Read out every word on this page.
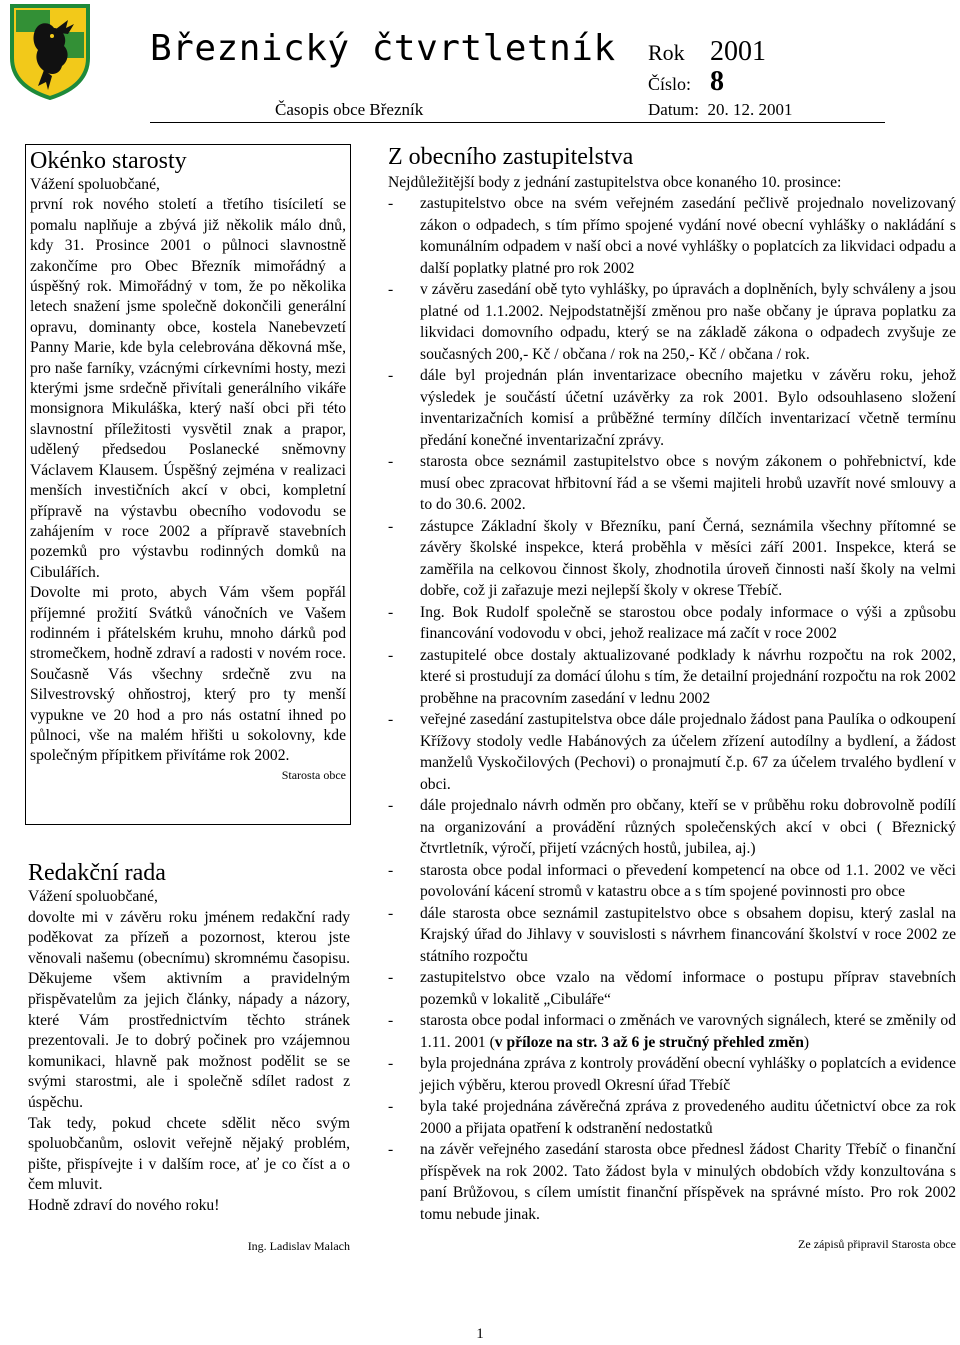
Březnický čtvrtletník Rok 2001
Číslo: 8
Časopis obce Březník	Datum: 20. 12. 2001
Okénko starosty

Vážení spoluobčané,

první rok nového století a třetího tisíciletí se pomalu naplňuje a zbývá již několik málo dnů, kdy 31. Prosince 2001 o půlnoci slavnostně zakončíme pro Obec Březník mimořádný a úspěšný rok. Mimořádný v tom, že po několika letech snažení jsme společně dokončili generální opravu, dominanty obce, kostela Nanebevzetí Panny Marie, kde byla celebrována děkovná mše, pro naše farníky, vzácnými církevními hosty, mezi kterými jsme srdečně přivítali generálního vikáře monsignora Mikuláška, který naší obci při této slavnostní příležitosti vysvětil znak a prapor, udělený předsedou Poslanecké sněmovny Václavem Klausem. Úspěšný zejména v realizaci menších investičních akcí v obci, kompletní přípravě na výstavbu obecního vodovodu se zahájením v roce 2002 a přípravě stavebních pozemků pro výstavbu rodinných domků na Cibulářích.

Dovolte mi proto, abych Vám všem popřál příjemné prožití Svátků vánočních ve Vašem rodinném i přátelském kruhu, mnoho dárků pod stromečkem, hodně zdraví a radosti v novém roce. Současně Vás všechny srdečně zvu na Silvestrovský ohňostroj, který pro ty menší vypukne ve 20 hod a pro nás ostatní ihned po půlnoci, vše na malém hřišti u sokolovny, kde společným přípitkem přivítáme rok 2002.

Starosta obce
Redakční rada

Vážení spoluobčané,

dovolte mi v závěru roku jménem redakční rady poděkovat za přízeň a pozornost, kterou jste věnovali našemu (obecnímu) skromnému časopisu. Děkujeme všem aktivním a pravidelným přispěvatelům za jejich články, nápady a názory, které Vám prostřednictvím těchto stránek prezentovali. Je to dobrý počinek pro vzájemnou komunikaci, hlavně pak možnost podělit se se svými starostmi, ale i společně sdílet radost z úspěchu.

Tak tedy, pokud chcete sdělit něco svým spoluobčanům, oslovit veřejně nějaký problém, pište, přispívejte i v dalším roce, ať je co číst a o čem mluvit.

Hodně zdraví do nového roku!

Ing. Ladislav Malach
Z obecního zastupitelstva

Nejdůležitější body z jednání zastupitelstva obce konaného 10. prosince:

- zastupitelstvo obce na svém veřejném zasedání pečlivě projednalo novelizovaný zákon o odpadech, s tím přímo spojené vydání nové obecní vyhlášky o nakládání s komunálním odpadem v naší obci a nové vyhlášky o poplatcích za likvidaci odpadu a další poplatky platné pro rok 2002
- v závěru zasedání obě tyto vyhlášky, po úpravách a doplněních, byly schváleny a jsou platné od 1.1.2002. Nejpodstatnější změnou pro naše občany je úprava poplatku za likvidaci domovního odpadu, který se na základě zákona o odpadech zvyšuje ze současných 200,- Kč / občana / rok na 250,- Kč / občana / rok.
- dále byl projednán plán inventarizace obecního majetku v závěru roku, jehož výsledek je součástí účetní uzávěrky za rok 2001. Bylo odsouhlaseno složení inventarizačních komisí a průběžné termíny dílčích inventarizací včetně termínu předání konečné inventarizační zprávy.
- starosta obce seznámil zastupitelstvo obce s novým zákonem o pohřebnictví, kde musí obec zpracovat hřbitovní řád a se všemi majiteli hrobů uzavřít nové smlouvy a to do 30.6. 2002.
- zástupce Základní školy v Březníku, paní Černá, seznámila všechny přítomné se závěry školské inspekce, která proběhla v měsíci září 2001. Inspekce, která se zaměřila na celkovou činnost školy, zhodnotila úroveň činnosti naší školy na velmi dobře, což ji zařazuje mezi nejlepší školy v okrese Třebíč.
- Ing. Bok Rudolf společně se starostou obce podaly informace o výši a způsobu financování vodovodu v obci, jehož realizace má začít v roce 2002
- zastupitelé obce dostaly aktualizované podklady k návrhu rozpočtu na rok 2002, které si prostudují za domácí úlohu s tím, že detailní projednání rozpočtu na rok 2002 proběhne na pracovním zasedání v lednu 2002
- veřejné zasedání zastupitelstva obce dále projednalo žádost pana Paulíka o odkoupení Křížovy stodoly vedle Habánových za účelem zřízení autodílny a bydlení, a žádost manželů Vyskočilových (Pechovi) o pronajmutí č.p. 67 za účelem trvalého bydlení v obci.
- dále projednalo návrh odměn pro občany, kteří se v průběhu roku dobrovolně podílí na organizování a provádění různých společenských akcí v obci ( Březnický čtvrtletník, výročí, přijetí vzácných hostů, jubilea, aj.)
- starosta obce podal informaci o převedení kompetencí na obce od 1.1. 2002 ve věci povolování kácení stromů v katastru obce a s tím spojené povinnosti pro obce
- dále starosta obce seznámil zastupitelstvo obce s obsahem dopisu, který zaslal na Krajský úřad do Jihlavy v souvislosti s návrhem financování školství v roce 2002 ze státního rozpočtu
- zastupitelstvo obce vzalo na vědomí informace o postupu příprav stavebních pozemků v lokalitě „Cibuláře“
- starosta obce podal informaci o změnách ve varovných signálech, které se změnily od 1.11. 2001 (v příloze na str. 3 až 6 je stručný přehled změn)
- byla projednána zpráva z kontroly provádění obecní vyhlášky o poplatcích a evidence jejich výběru, kterou provedl Okresní úřad Třebíč
- byla také projednána závěrečná zpráva z provedeného auditu účetnictví obce za rok 2000 a přijata opatření k odstranění nedostatků
- na závěr veřejného zasedání starosta obce přednesl žádost Charity Třebíč o finanční příspěvek na rok 2002. Tato žádost byla v minulých obdobích vždy konzultována s paní Brůžovou, s cílem umístit finanční příspěvek na správné místo. Pro rok 2002 tomu nebude jinak.
Ze zápisů připravil Starosta obce
1
